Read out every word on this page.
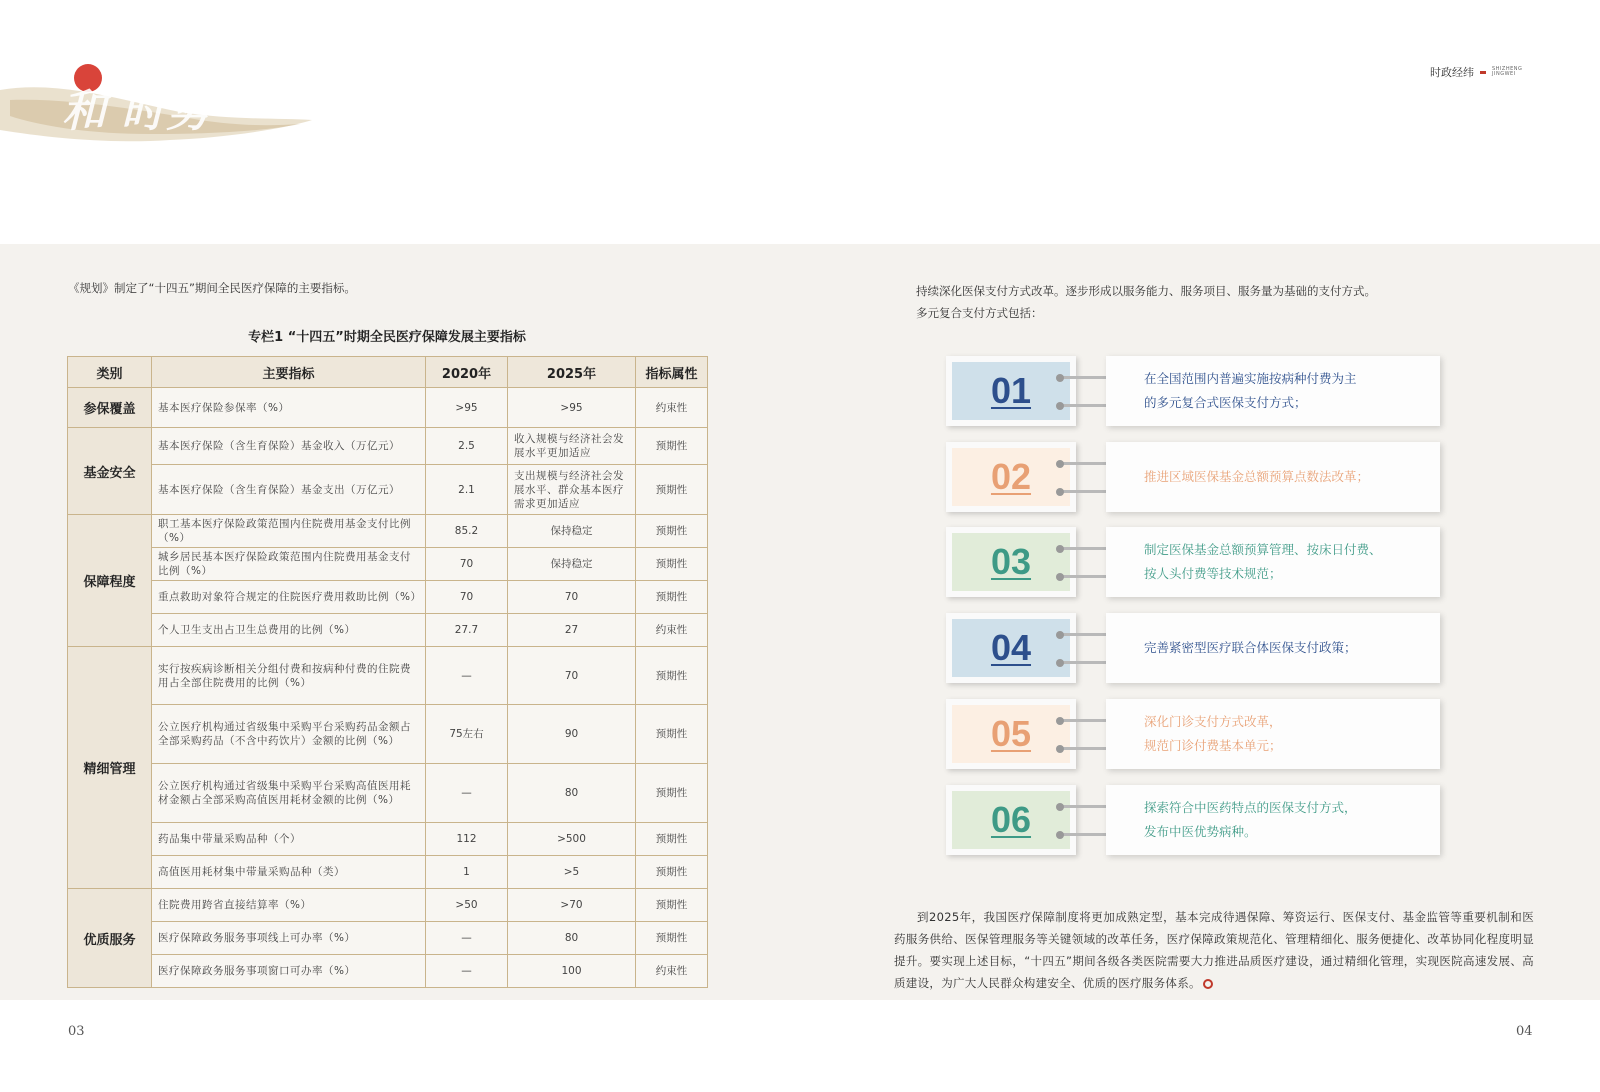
和 时势
时政经纬	SHIZHENG JINGWEI
《规划》制定了“十四五”期间全民医疗保障的主要指标。
专栏1 “十四五”时期全民医疗保障发展主要指标
类别	主要指标	2020年	2025年	指标属性
参保覆盖	基本医疗保险参保率（%）	>95	>95	约束性
基金安全	基本医疗保险（含生育保险）基金收入（万亿元）	2.5	收入规模与经济社会发展水平更加适应	预期性
	基本医疗保险（含生育保险）基金支出（万亿元）	2.1	支出规模与经济社会发展水平、群众基本医疗需求更加适应	预期性
保障程度	职工基本医疗保险政策范围内住院费用基金支付比例（%）	85.2	保持稳定	预期性
	城乡居民基本医疗保险政策范围内住院费用基金支付比例（%）	70	保持稳定	预期性
	重点救助对象符合规定的住院医疗费用救助比例（%）	70	70	预期性
	个人卫生支出占卫生总费用的比例（%）	27.7	27	约束性
精细管理	实行按疾病诊断相关分组付费和按病种付费的住院费用占全部住院费用的比例（%）	—	70	预期性
	公立医疗机构通过省级集中采购平台采购药品金额占全部采购药品（不含中药饮片）金额的比例（%）	75左右	90	预期性
	公立医疗机构通过省级集中采购平台采购高值医用耗材金额占全部采购高值医用耗材金额的比例（%）	—	80	预期性
	药品集中带量采购品种（个）	112	>500	预期性
	高值医用耗材集中带量采购品种（类）	1	>5	预期性
优质服务	住院费用跨省直接结算率（%）	>50	>70	预期性
	医疗保障政务服务事项线上可办率（%）	—	80	预期性
	医疗保障政务服务事项窗口可办率（%）	—	100	约束性
03
持续深化医保支付方式改革。逐步形成以服务能力、服务项目、服务量为基础的支付方式。
多元复合支付方式包括：
01	在全国范围内普遍实施按病种付费为主
的多元复合式医保支付方式；
02	推进区域医保基金总额预算点数法改革；
03	制定医保基金总额预算管理、按床日付费、
按人头付费等技术规范；
04	完善紧密型医疗联合体医保支付政策；
05	深化门诊支付方式改革，
规范门诊付费基本单元；
06	探索符合中医药特点的医保支付方式，
发布中医优势病种。

到2025年，我国医疗保障制度将更加成熟定型，基本完成待遇保障、筹资运行、医保支付、基金监管等重要机制和医药服务供给、医保管理服务等关键领域的改革任务，医疗保障政策规范化、管理精细化、服务便捷化、改革协同化程度明显提升。要实现上述目标，“十四五”期间各级各类医院需要大力推进品质医疗建设，通过精细化管理，实现医院高速发展、高质建设，为广大人民群众构建安全、优质的医疗服务体系。

04
